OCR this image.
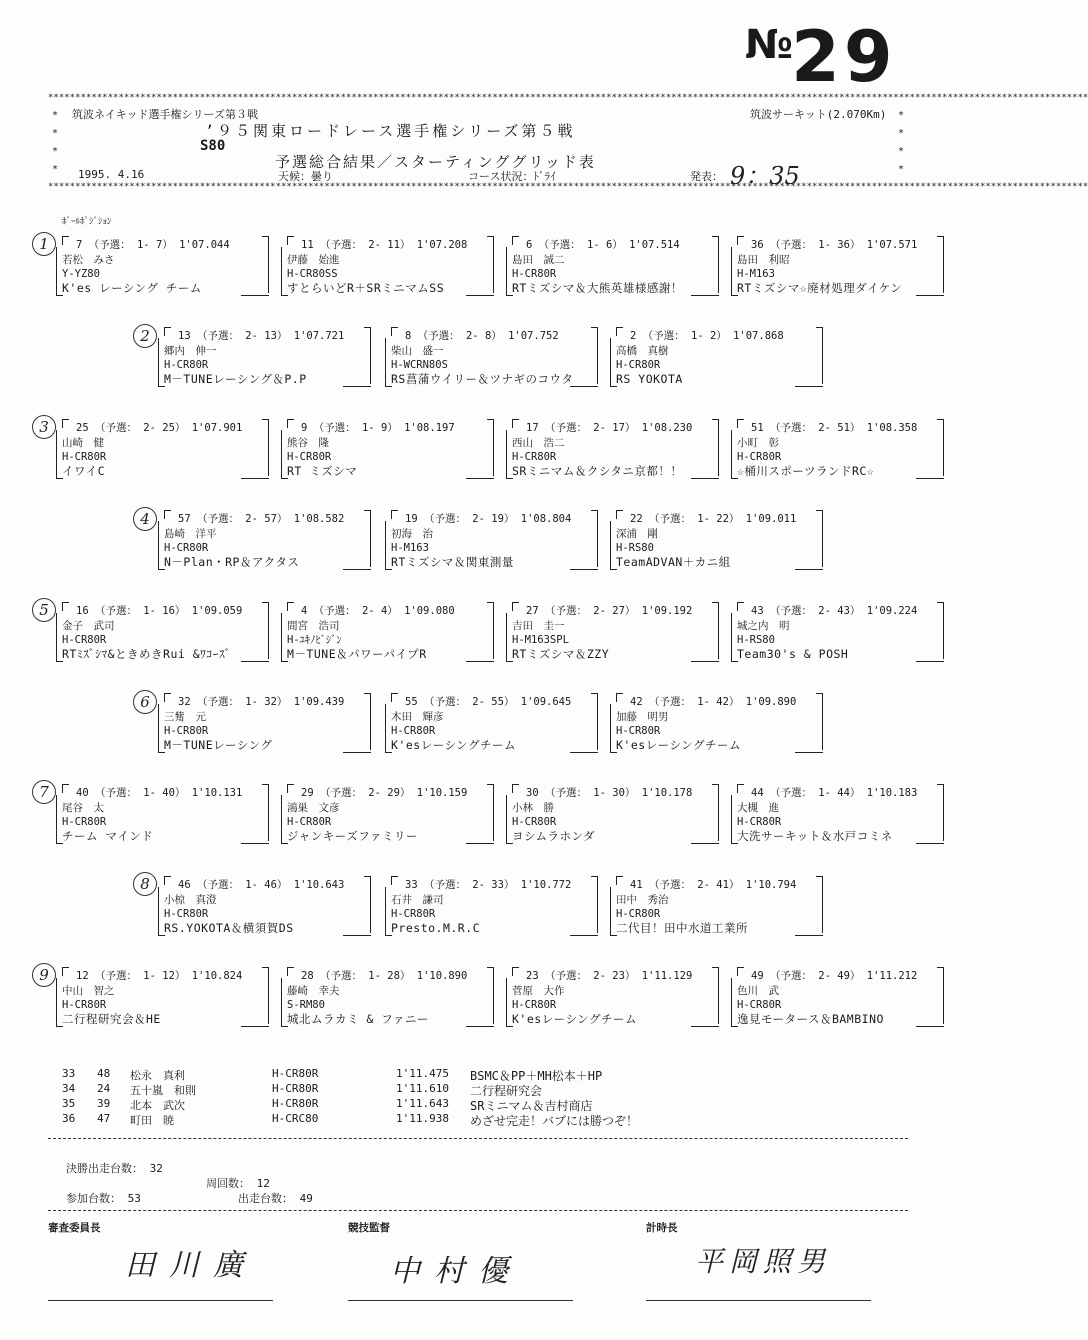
№29
************************************************************************************************************************************************************************************************
************************************************************************************************************************************************************************************************
*
*
*
*
*
*
*
*
筑波ネイキッド選手権シリーズ第３戦	筑波サーキット(2.070Km)
’９５関東ロードレース選手権シリーズ第５戦
S80
予選総合結果／スターティンググリッド表
1995. 4.16	天候：曇り	コース状況：ﾄﾞﾗｲ	発表： 9：35
ﾎﾟｰﾙﾎﾟｼﾞｼｮﾝ
1
2
3
4
5
6
7
8
9
7 （予選： 1- 7） 1'07.044
若松　みさ
Y-YZ80
K'es レーシング チーム
11 （予選： 2- 11） 1'07.208
伊藤　始進
H-CR80SS
すとらいどR＋SRミニマムSS
6 （予選： 1- 6） 1'07.514
島田　誠二
H-CR80R
RTミズシマ＆大熊英雄様感謝！
36 （予選： 1- 36） 1'07.571
島田　利昭
H-M163
RTミズシマ☆廃材処理ダイケン
13 （予選： 2- 13） 1'07.721
郷内　伸一
H-CR80R
M－TUNEレーシング＆P.P
8 （予選： 2- 8） 1'07.752
柴山　盛一
H-WCRN80S
RS菖蒲ウイリー＆ツナギのコウタ
2 （予選： 1- 2） 1'07.868
高橋　真樹
H-CR80R
RS YOKOTA
25 （予選： 2- 25） 1'07.901
山崎　健
H-CR80R
イワイC
9 （予選： 1- 9） 1'08.197
熊谷　隆
H-CR80R
RT ミズシマ
17 （予選： 2- 17） 1'08.230
西山　浩二
H-CR80R
SRミニマム＆クシタニ京都！！
51 （予選： 2- 51） 1'08.358
小町　彰
H-CR80R
☆桶川スポーツランドRC☆
57 （予選： 2- 57） 1'08.582
島崎　洋平
H-CR80R
N－Plan・RP＆アクタス
19 （予選： 2- 19） 1'08.804
初海　治
H-M163
RTミズシマ＆関東測量
22 （予選： 1- 22） 1'09.011
深浦　剛
H-RS80
TeamADVAN＋カニ組
16 （予選： 1- 16） 1'09.059
金子　武司
H-CR80R
RTﾐｽﾞｼﾏ&ときめきRui &ﾜｺｰｽﾞ
4 （予選： 2- 4） 1'09.080
間宮　浩司
H-ﾕｷﾉﾋﾞｼﾞﾝ
M－TUNE＆パワーパイプR
27 （予選： 2- 27） 1'09.192
吉田　圭一
H-M163SPL
RTミズシマ＆ZZY
43 （予選： 2- 43） 1'09.224
城之内　明
H-RS80
Team30's & POSH
32 （予選： 1- 32） 1'09.439
三觜　元
H-CR80R
M－TUNEレーシング
55 （予選： 2- 55） 1'09.645
木田　輝彦
H-CR80R
K'esレーシングチーム
42 （予選： 1- 42） 1'09.890
加藤　明男
H-CR80R
K'esレーシングチーム
40 （予選： 1- 40） 1'10.131
尾谷　太
H-CR80R
チーム マインド
29 （予選： 2- 29） 1'10.159
鴻巣　文彦
H-CR80R
ジャンキーズファミリー
30 （予選： 1- 30） 1'10.178
小林　勝
H-CR80R
ヨシムラホンダ
44 （予選： 1- 44） 1'10.183
大槻　進
H-CR80R
大洗サーキット＆水戸コミネ
46 （予選： 1- 46） 1'10.643
小椋　真澄
H-CR80R
RS.YOKOTA＆横須賀DS
33 （予選： 2- 33） 1'10.772
石井　謙司
H-CR80R
Presto.M.R.C
41 （予選： 2- 41） 1'10.794
田中　秀治
H-CR80R
二代目！田中水道工業所
12 （予選： 1- 12） 1'10.824
中山　智之
H-CR80R
二行程研究会＆HE
28 （予選： 1- 28） 1'10.890
藤崎　幸夫
S-RM80
城北ムラカミ & ファニー
23 （予選： 2- 23） 1'11.129
菅原　大作
H-CR80R
K'esレーシングチーム
49 （予選： 2- 49） 1'11.212
色川　武
H-CR80R
逸見モータース＆BAMBINO
33 48 松永　真利	H-CR80R	1'11.475 BSMC＆PP＋MH松本＋HP
34 24 五十嵐　和則	H-CR80R	1'11.610 二行程研究会
35 39 北本　武次	H-CR80R	1'11.643 SRミニマム＆吉村商店
36 47 町田　暁	H-CRC80	1'11.938 めざせ完走！バブには勝つぞ！
決勝出走台数： 32
周回数： 12
参加台数： 53	出走台数： 49
審査委員長	競技監督	計時長
田川廣	中村優	平岡照男
